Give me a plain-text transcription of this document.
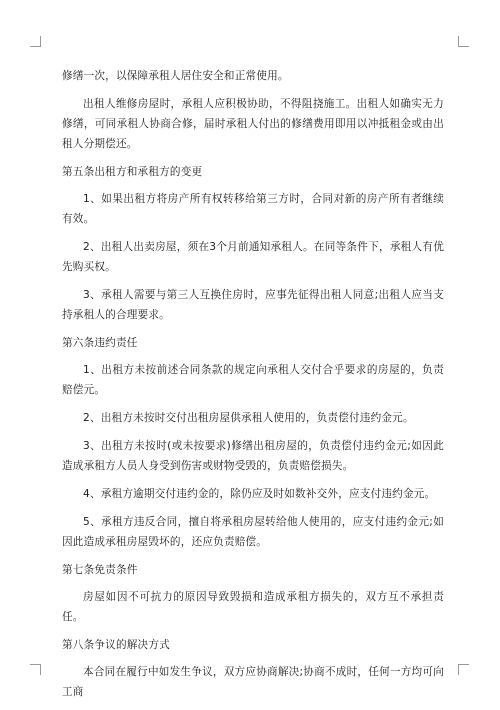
修缮一次，以保障承租人居住安全和正常使用。

出租人维修房屋时，承租人应积极协助，不得阻挠施工。出租人如确实无力修缮，可同承租人协商合修，届时承租人付出的修缮费用即用以冲抵租金或由出租人分期偿还。

第五条出租方和承租方的变更

1、如果出租方将房产所有权转移给第三方时，合同对新的房产所有者继续有效。

2、出租人出卖房屋，须在3个月前通知承租人。在同等条件下，承租人有优先购买权。

3、承租人需要与第三人互换住房时，应事先征得出租人同意;出租人应当支持承租人的合理要求。

第六条违约责任

1、出租方未按前述合同条款的规定向承租人交付合乎要求的房屋的，负责赔偿元。

2、出租方未按时交付出租房屋供承租人使用的，负责偿付违约金元。

3、出租方未按时(或未按要求)修缮出租房屋的，负责偿付违约金元;如因此造成承租方人员人身受到伤害或财物受毁的，负责赔偿损失。

4、承租方逾期交付违约金的，除仍应及时如数补交外，应支付违约金元。

5、承租方违反合同，擅自将承租房屋转给他人使用的，应支付违约金元;如因此造成承租房屋毁坏的，还应负责赔偿。

第七条免责条件

房屋如因不可抗力的原因导致毁损和造成承租方损失的，双方互不承担责任。

第八条争议的解决方式

本合同在履行中如发生争议，双方应协商解决;协商不成时，任何一方均可向工商
